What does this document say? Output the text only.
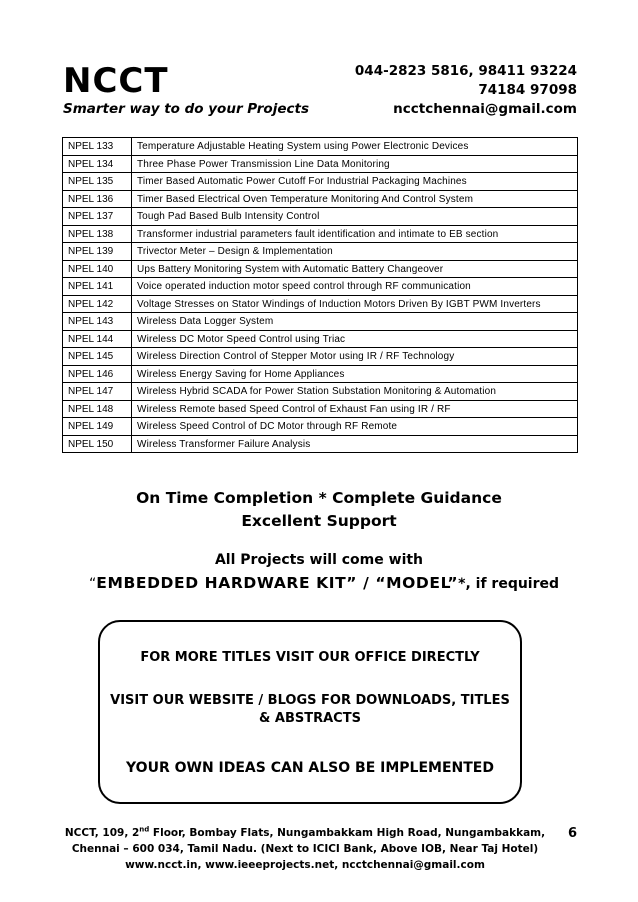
NCCT
Smarter way to do your Projects
044-2823 5816, 98411 93224
74184 97098
ncctchennai@gmail.com
NPEL 133	Temperature Adjustable Heating System using Power Electronic Devices
NPEL 134	Three Phase Power Transmission Line Data Monitoring
NPEL 135	Timer Based Automatic Power Cutoff For Industrial Packaging Machines
NPEL 136	Timer Based Electrical Oven Temperature Monitoring And Control System
NPEL 137	Tough Pad Based Bulb Intensity Control
NPEL 138	Transformer industrial parameters fault identification and intimate to EB section
NPEL 139	Trivector Meter – Design & Implementation
NPEL 140	Ups Battery Monitoring System with Automatic Battery Changeover
NPEL 141	Voice operated induction motor speed control through RF communication
NPEL 142	Voltage Stresses on Stator Windings of Induction Motors Driven By IGBT PWM Inverters
NPEL 143	Wireless Data Logger System
NPEL 144	Wireless DC Motor Speed Control using Triac
NPEL 145	Wireless Direction Control of Stepper Motor using IR / RF Technology
NPEL 146	Wireless Energy Saving for Home Appliances
NPEL 147	Wireless Hybrid SCADA for Power Station Substation Monitoring & Automation
NPEL 148	Wireless Remote based Speed Control of Exhaust Fan using IR / RF
NPEL 149	Wireless Speed Control of DC Motor through RF Remote
NPEL 150	Wireless Transformer Failure Analysis
On Time Completion * Complete Guidance
Excellent Support
All Projects will come with
“EMBEDDED HARDWARE KIT” / “MODEL”*, if required
FOR MORE TITLES VISIT OUR OFFICE DIRECTLY
VISIT OUR WEBSITE / BLOGS FOR DOWNLOADS, TITLES
& ABSTRACTS
YOUR OWN IDEAS CAN ALSO BE IMPLEMENTED
NCCT, 109, 2nd Floor, Bombay Flats, Nungambakkam High Road, Nungambakkam,
Chennai – 600 034, Tamil Nadu. (Next to ICICI Bank, Above IOB, Near Taj Hotel)
www.ncct.in, www.ieeeprojects.net, ncctchennai@gmail.com
6
